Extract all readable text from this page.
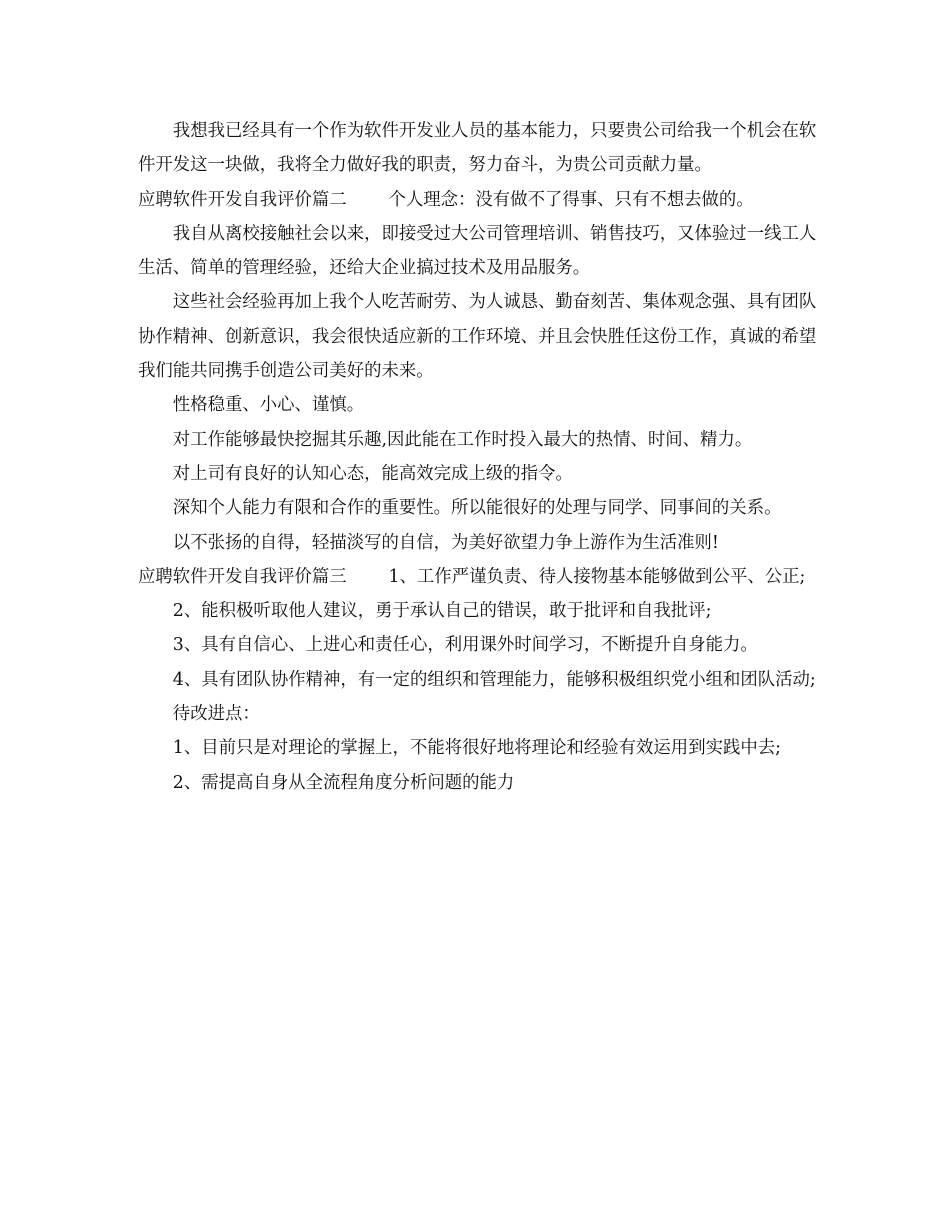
我想我已经具有一个作为软件开发业人员的基本能力，只要贵公司给我一个机会在软件开发这一块做，我将全力做好我的职责，努力奋斗，为贵公司贡献力量。

应聘软件开发自我评价篇二 个人理念：没有做不了得事、只有不想去做的。

我自从离校接触社会以来，即接受过大公司管理培训、销售技巧，又体验过一线工人生活、简单的管理经验，还给大企业搞过技术及用品服务。

这些社会经验再加上我个人吃苦耐劳、为人诚恳、勤奋刻苦、集体观念强、具有团队协作精神、创新意识，我会很快适应新的工作环境、并且会快胜任这份工作，真诚的希望我们能共同携手创造公司美好的未来。

性格稳重、小心、谨慎。

对工作能够最快挖掘其乐趣,因此能在工作时投入最大的热情、时间、精力。

对上司有良好的认知心态，能高效完成上级的指令。

深知个人能力有限和合作的重要性。所以能很好的处理与同学、同事间的关系。

以不张扬的自得，轻描淡写的自信，为美好欲望力争上游作为生活准则!

应聘软件开发自我评价篇三 1、工作严谨负责、待人接物基本能够做到公平、公正;

2、能积极听取他人建议，勇于承认自己的错误，敢于批评和自我批评;

3、具有自信心、上进心和责任心，利用课外时间学习，不断提升自身能力。

4、具有团队协作精神，有一定的组织和管理能力，能够积极组织党小组和团队活动;

待改进点：

1、目前只是对理论的掌握上，不能将很好地将理论和经验有效运用到实践中去;

2、需提高自身从全流程角度分析问题的能力
